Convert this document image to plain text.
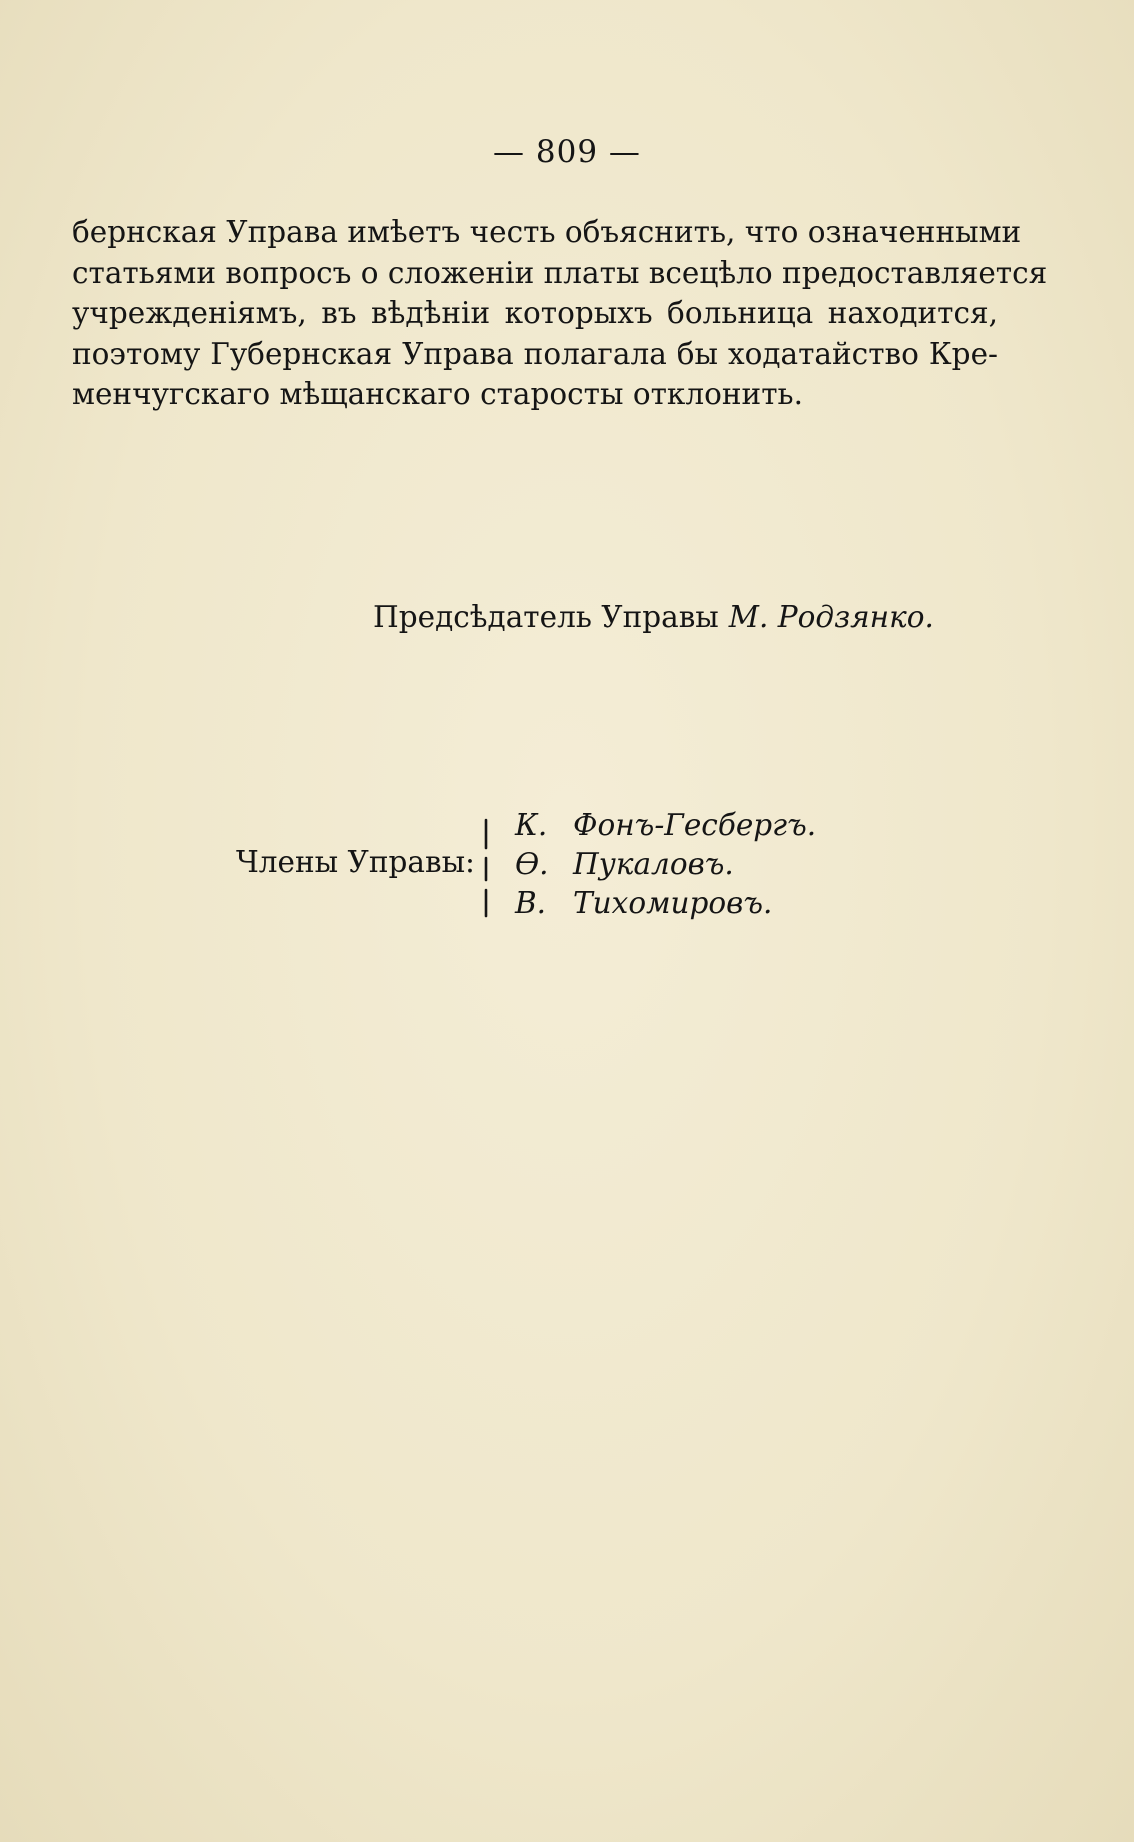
— 809 —
бернская Управа имѣетъ честь объяснить, что означенными
статьями вопросъ о сложеніи платы всецѣло предоставляется
учрежденіямъ, въ вѣдѣніи которыхъ больница находится,
поэтому Губернская Управа полагала бы ходатайство Кре-
менчугскаго мѣщанскаго старосты отклонить.
Предсѣдатель Управы М. Родзянко.
Члены Управы:
К. Фонъ-Гесбергъ.
Ѳ. Пукаловъ.
В. Тихомировъ.
